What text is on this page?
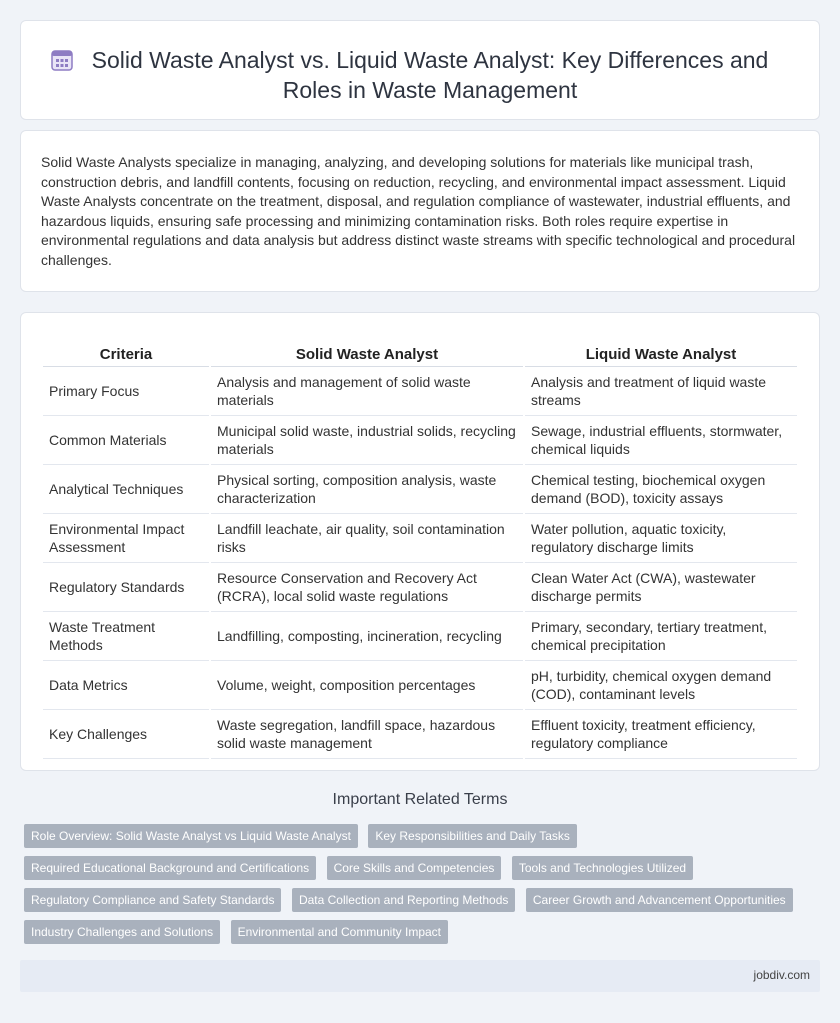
Solid Waste Analyst vs. Liquid Waste Analyst: Key Differences and Roles in Waste Management

Solid Waste Analysts specialize in managing, analyzing, and developing solutions for materials like municipal trash, construction debris, and landfill contents, focusing on reduction, recycling, and environmental impact assessment. Liquid Waste Analysts concentrate on the treatment, disposal, and regulation compliance of wastewater, industrial effluents, and hazardous liquids, ensuring safe processing and minimizing contamination risks. Both roles require expertise in environmental regulations and data analysis but address distinct waste streams with specific technological and procedural challenges.

Criteria	Solid Waste Analyst	Liquid Waste Analyst
Primary Focus	Analysis and management of solid waste materials	Analysis and treatment of liquid waste streams
Common Materials	Municipal solid waste, industrial solids, recycling materials	Sewage, industrial effluents, stormwater, chemical liquids
Analytical Techniques	Physical sorting, composition analysis, waste characterization	Chemical testing, biochemical oxygen demand (BOD), toxicity assays
Environmental Impact Assessment	Landfill leachate, air quality, soil contamination risks	Water pollution, aquatic toxicity, regulatory discharge limits
Regulatory Standards	Resource Conservation and Recovery Act (RCRA), local solid waste regulations	Clean Water Act (CWA), wastewater discharge permits
Waste Treatment Methods	Landfilling, composting, incineration, recycling	Primary, secondary, tertiary treatment, chemical precipitation
Data Metrics	Volume, weight, composition percentages	pH, turbidity, chemical oxygen demand (COD), contaminant levels
Key Challenges	Waste segregation, landfill space, hazardous solid waste management	Effluent toxicity, treatment efficiency, regulatory compliance
Important Related Terms
Role Overview: Solid Waste Analyst vs Liquid Waste Analyst Key Responsibilities and Daily Tasks Required Educational Background and Certifications Core Skills and Competencies Tools and Technologies Utilized Regulatory Compliance and Safety Standards Data Collection and Reporting Methods Career Growth and Advancement Opportunities Industry Challenges and Solutions Environmental and Community Impact
jobdiv.com
